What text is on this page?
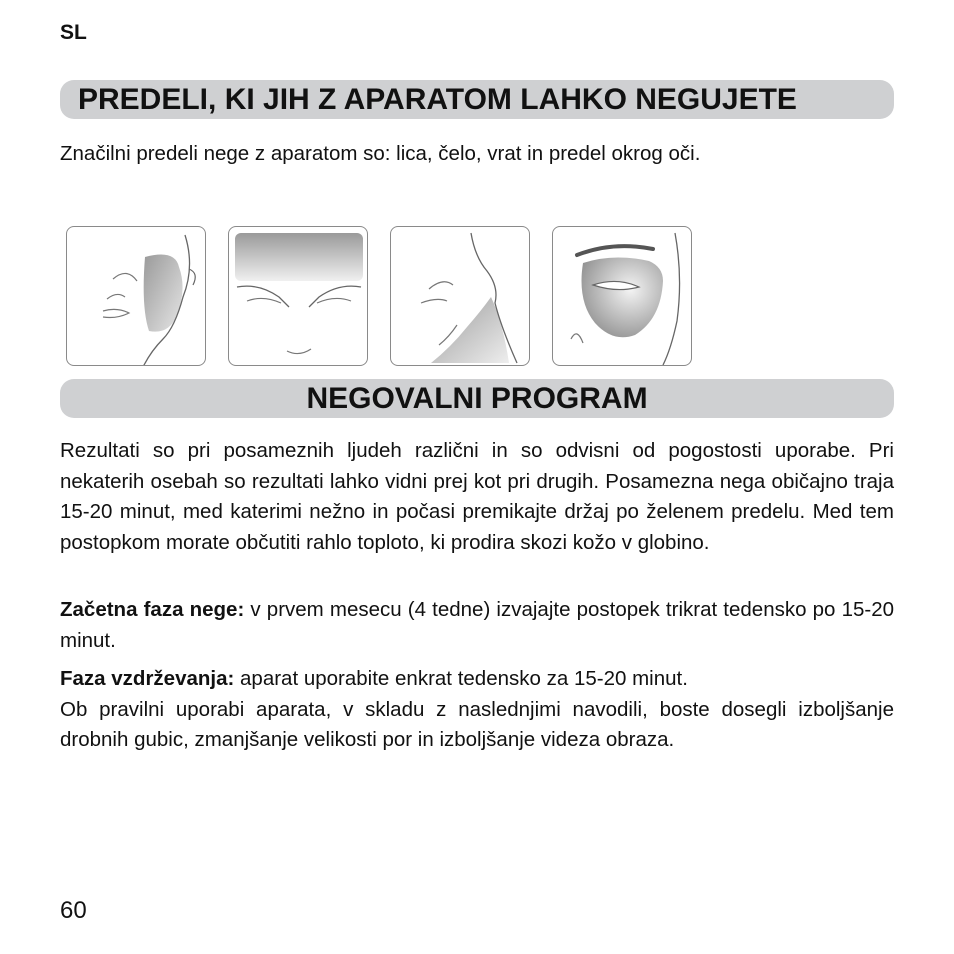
SL
PREDELI, KI JIH Z APARATOM LAHKO NEGUJETE
Značilni predeli nege z aparatom so: lica, čelo, vrat in predel okrog oči.
NEGOVALNI PROGRAM
Rezultati so pri posameznih ljudeh različni in so odvisni od pogostosti uporabe. Pri nekaterih osebah so rezultati lahko vidni prej kot pri drugih. Posamezna nega običajno traja 15-20 minut, med katerimi nežno in počasi premikajte držaj po želenem predelu. Med tem postopkom morate občutiti rahlo toploto, ki prodira skozi kožo v globino.
Začetna faza nege: v prvem mesecu (4 tedne) izvajajte postopek trikrat tedensko po 15-20 minut.
Faza vzdrževanja: aparat uporabite enkrat tedensko za 15-20 minut.
Ob pravilni uporabi aparata, v skladu z naslednjimi navodili, boste dosegli izboljšanje drobnih gubic, zmanjšanje velikosti por in izboljšanje videza obraza.
60
